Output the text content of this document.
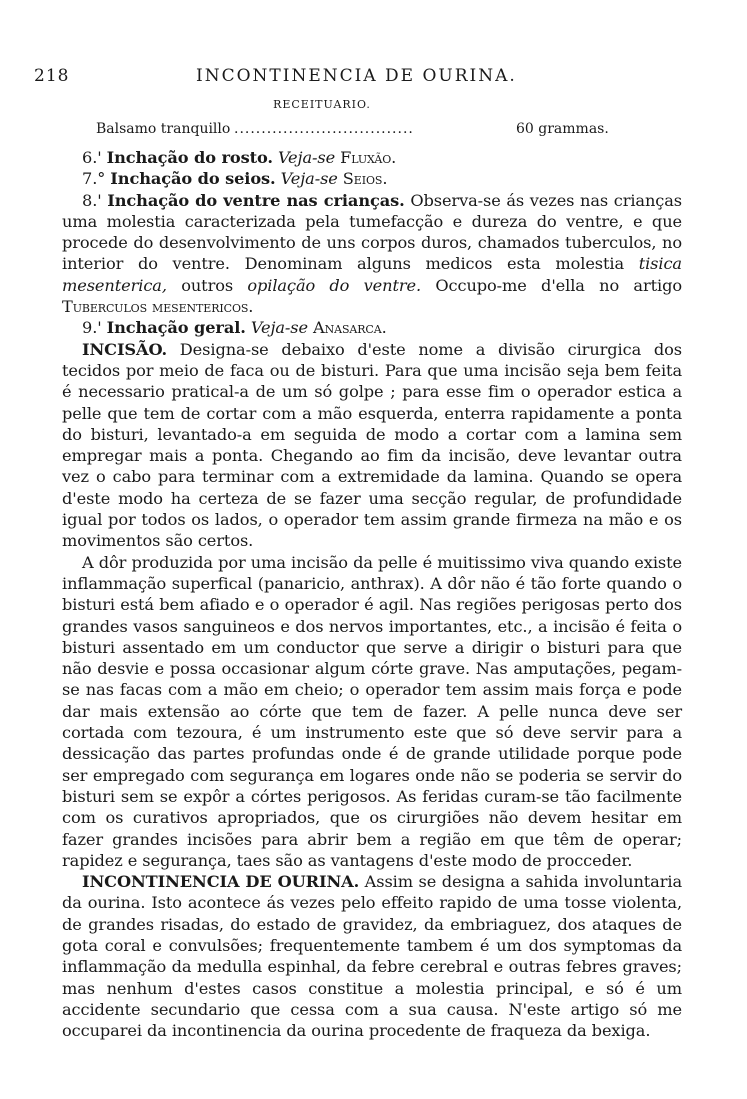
218	INCONTINENCIA DE OURINA.
RECEITUARIO.
Balsamo tranquillo .................................	60 grammas.

6.' Inchação do rosto. Veja-se Fluxão.

7.° Inchação do seios. Veja-se Seios.

8.' Inchação do ventre nas crianças. Observa-se ás vezes nas crianças uma molestia caracterizada pela tumefacção e dureza do ventre, e que procede do desenvolvimento de uns corpos duros, chamados tuberculos, no interior do ventre. Denominam alguns medicos esta molestia tisica mesenterica, outros opilação do ventre. Occupo-me d'ella no artigo Tuberculos mesentericos.

9.' Inchação geral. Veja-se Anasarca.

INCISÃO. Designa-se debaixo d'este nome a divisão cirurgica dos tecidos por meio de faca ou de bisturi. Para que uma incisão seja bem feita é necessario pratical-a de um só golpe ; para esse fim o operador estica a pelle que tem de cortar com a mão esquerda, enterra rapidamente a ponta do bisturi, levantado-a em seguida de modo a cortar com a lamina sem empregar mais a ponta. Chegando ao fim da incisão, deve levantar outra vez o cabo para terminar com a extremidade da lamina. Quando se opera d'este modo ha certeza de se fazer uma secção regular, de profundidade igual por todos os lados, o operador tem assim grande firmeza na mão e os movimentos são certos.

A dôr produzida por uma incisão da pelle é muitissimo viva quando existe inflammação superfical (panaricio, anthrax). A dôr não é tão forte quando o bisturi está bem afiado e o operador é agil. Nas regiões perigosas perto dos grandes vasos sanguineos e dos nervos importantes, etc., a incisão é feita o bisturi assentado em um conductor que serve a dirigir o bisturi para que não desvie e possa occasionar algum córte grave. Nas amputações, pegam-se nas facas com a mão em cheio; o operador tem assim mais força e pode dar mais extensão ao córte que tem de fazer. A pelle nunca deve ser cortada com tezoura, é um instrumento este que só deve servir para a dessicação das partes profundas onde é de grande utilidade porque pode ser empregado com segurança em logares onde não se poderia se servir do bisturi sem se expôr a córtes perigosos. As feridas curam-se tão facilmente com os curativos apropriados, que os cirurgiões não devem hesitar em fazer grandes incisões para abrir bem a região em que têm de operar; rapidez e segurança, taes são as vantagens d'este modo de procceder.

INCONTINENCIA DE OURINA. Assim se designa a sahida involuntaria da ourina. Isto acontece ás vezes pelo effeito rapido de uma tosse violenta, de grandes risadas, do estado de gravidez, da embriaguez, dos ataques de gota coral e convulsões; frequentemente tambem é um dos symptomas da inflammação da medulla espinhal, da febre cerebral e outras febres graves; mas nenhum d'estes casos constitue a molestia principal, e só é um accidente secundario que cessa com a sua causa. N'este artigo só me occuparei da incontinencia da ourina procedente de fraqueza da bexiga.
